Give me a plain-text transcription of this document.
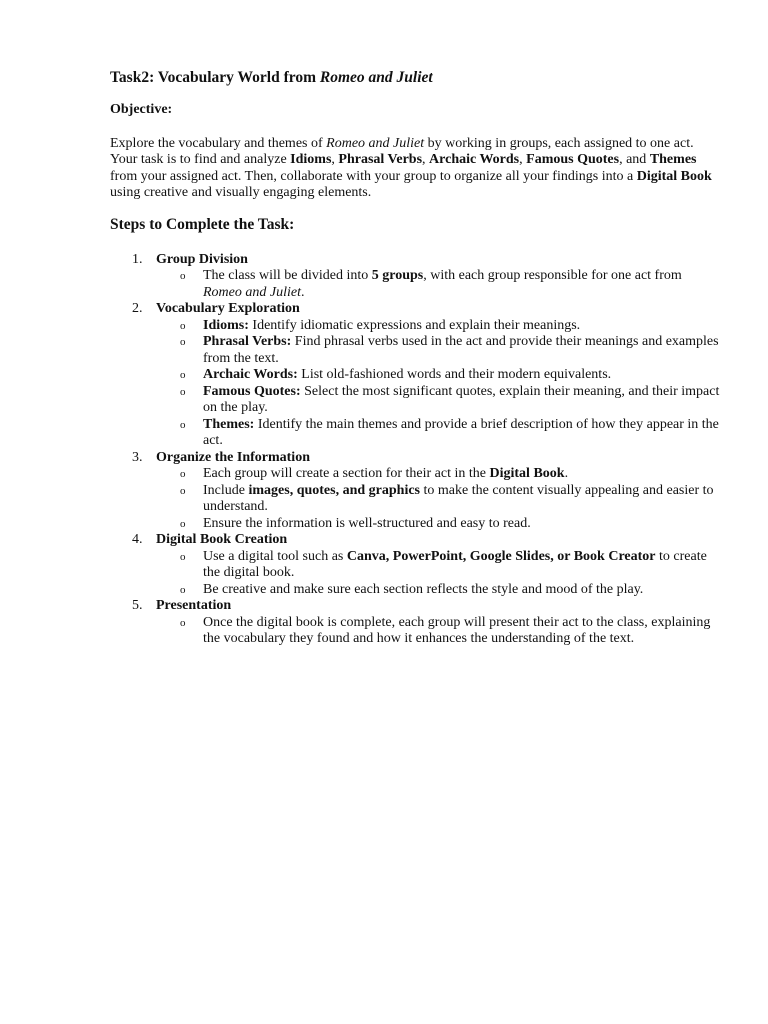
Task2: Vocabulary World from Romeo and Juliet
Objective:
Explore the vocabulary and themes of Romeo and Juliet by working in groups, each assigned to one act. Your task is to find and analyze Idioms, Phrasal Verbs, Archaic Words, Famous Quotes, and Themes from your assigned act. Then, collaborate with your group to organize all your findings into a Digital Book using creative and visually engaging elements.
Steps to Complete the Task:
1. Group Division
o The class will be divided into 5 groups, with each group responsible for one act from Romeo and Juliet.
2. Vocabulary Exploration
o Idioms: Identify idiomatic expressions and explain their meanings.
o Phrasal Verbs: Find phrasal verbs used in the act and provide their meanings and examples from the text.
o Archaic Words: List old-fashioned words and their modern equivalents.
o Famous Quotes: Select the most significant quotes, explain their meaning, and their impact on the play.
o Themes: Identify the main themes and provide a brief description of how they appear in the act.
3. Organize the Information
o Each group will create a section for their act in the Digital Book.
o Include images, quotes, and graphics to make the content visually appealing and easier to understand.
o Ensure the information is well-structured and easy to read.
4. Digital Book Creation
o Use a digital tool such as Canva, PowerPoint, Google Slides, or Book Creator to create the digital book.
o Be creative and make sure each section reflects the style and mood of the play.
5. Presentation
o Once the digital book is complete, each group will present their act to the class, explaining the vocabulary they found and how it enhances the understanding of the text.
